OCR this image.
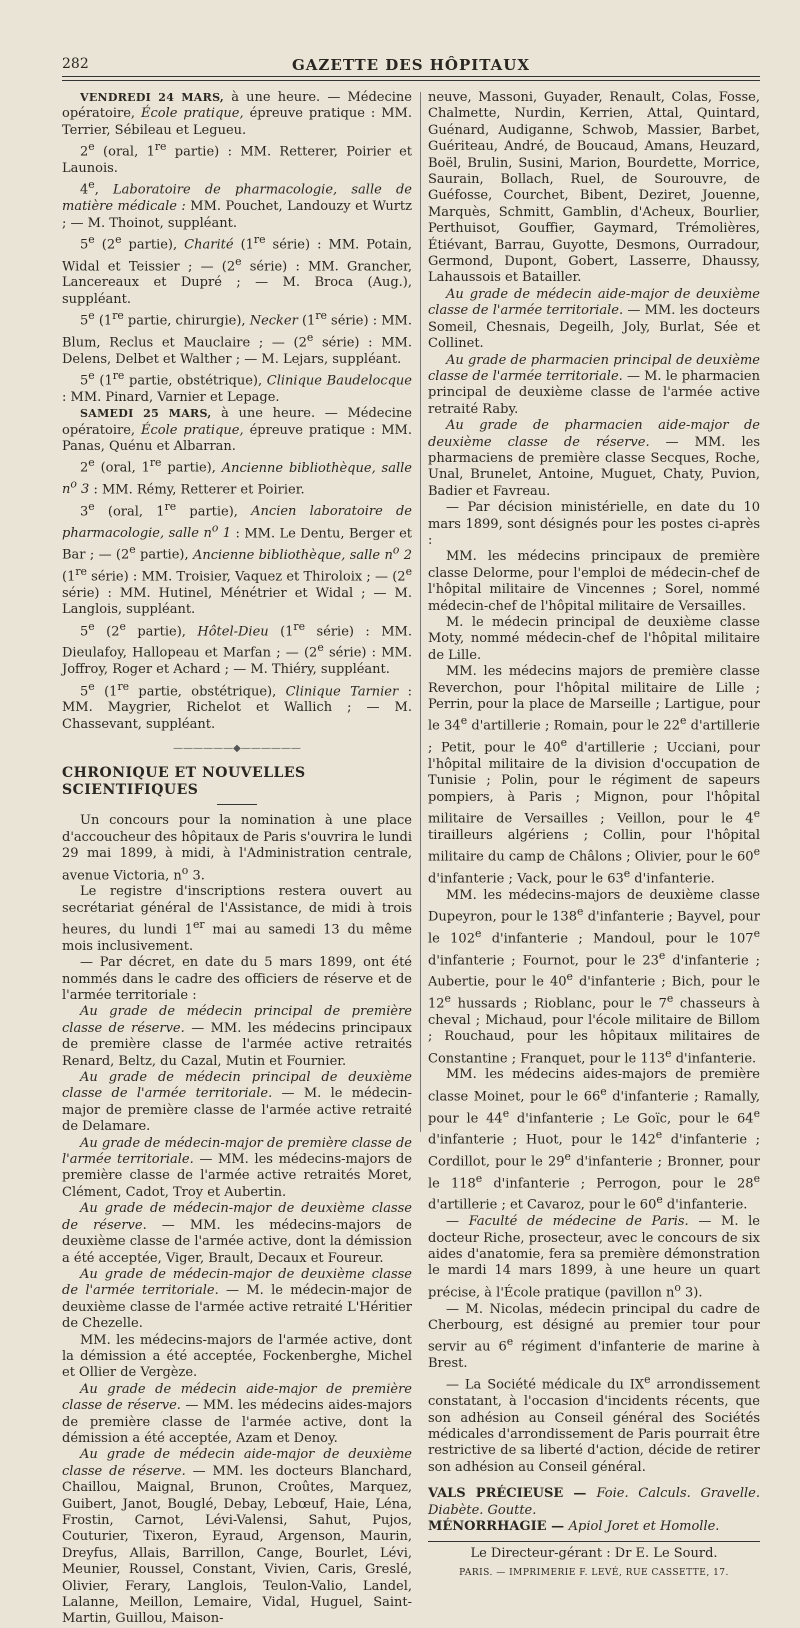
282	GAZETTE DES HÔPITAUX

VENDREDI 24 MARS, à une heure. — Médecine opératoire, École pratique, épreuve pratique : MM. Terrier, Sébileau et Legueu.

2e (oral, 1re partie) : MM. Retterer, Poirier et Launois.

4e, Laboratoire de pharmacologie, salle de matière médicale : MM. Pouchet, Landouzy et Wurtz ; — M. Thoinot, suppléant.

5e (2e partie), Charité (1re série) : MM. Potain, Widal et Teissier ; — (2e série) : MM. Grancher, Lancereaux et Dupré ; — M. Broca (Aug.), suppléant.

5e (1re partie, chirurgie), Necker (1re série) : MM. Blum, Reclus et Mauclaire ; — (2e série) : MM. Delens, Delbet et Walther ; — M. Lejars, suppléant.

5e (1re partie, obstétrique), Clinique Baudelocque : MM. Pinard, Varnier et Lepage.

SAMEDI 25 MARS, à une heure. — Médecine opératoire, École pratique, épreuve pratique : MM. Panas, Quénu et Albarran.

2e (oral, 1re partie), Ancienne bibliothèque, salle $n^o$ 3 : MM. Rémy, Retterer et Poirier.

3e (oral, 1re partie), Ancien laboratoire de pharmacologie, salle $n^o$ 1 : MM. Le Dentu, Berger et Bar ; — (2e partie), Ancienne bibliothèque, salle $n^o$ 2 (1re série) : MM. Troisier, Vaquez et Thiroloix ; — (2e série) : MM. Hutinel, Ménétrier et Widal ; — M. Langlois, suppléant.

5e (2e partie), Hôtel-Dieu (1re série) : MM. Dieulafoy, Hallopeau et Marfan ; — (2e série) : MM. Joffroy, Roger et Achard ; — M. Thiéry, suppléant.

5e (1re partie, obstétrique), Clinique Tarnier : MM. Maygrier, Richelot et Wallich ; — M. Chassevant, suppléant.

——————◆——————
CHRONIQUE ET NOUVELLES SCIENTIFIQUES

Un concours pour la nomination à une place d'accoucheur des hôpitaux de Paris s'ouvrira le lundi 29 mai 1899, à midi, à l'Administration centrale, avenue Victoria, $n^o$ 3.

Le registre d'inscriptions restera ouvert au secrétariat général de l'Assistance, de midi à trois heures, du lundi 1er mai au samedi 13 du même mois inclusivement.

— Par décret, en date du 5 mars 1899, ont été nommés dans le cadre des officiers de réserve et de l'armée territoriale :

Au grade de médecin principal de première classe de réserve. — MM. les médecins principaux de première classe de l'armée active retraités Renard, Beltz, du Cazal, Mutin et Fournier.

Au grade de médecin principal de deuxième classe de l'armée territoriale. — M. le médecin-major de première classe de l'armée active retraité de Delamare.

Au grade de médecin-major de première classe de l'armée territoriale. — MM. les médecins-majors de première classe de l'armée active retraités Moret, Clément, Cadot, Troy et Aubertin.

Au grade de médecin-major de deuxième classe de réserve. — MM. les médecins-majors de deuxième classe de l'armée active, dont la démission a été acceptée, Viger, Brault, Decaux et Foureur.

Au grade de médecin-major de deuxième classe de l'armée territoriale. — M. le médecin-major de deuxième classe de l'armée active retraité L'Héritier de Chezelle.

MM. les médecins-majors de l'armée active, dont la démission a été acceptée, Fockenberghe, Michel et Ollier de Vergèze.

Au grade de médecin aide-major de première classe de réserve. — MM. les médecins aides-majors de première classe de l'armée active, dont la démission a été acceptée, Azam et Denoy.

Au grade de médecin aide-major de deuxième classe de réserve. — MM. les docteurs Blanchard, Chaillou, Maignal, Brunon, Croûtes, Marquez, Guibert, Janot, Bouglé, Debay, Lebœuf, Haie, Léna, Frostin, Carnot, Lévi-Valensi, Sahut, Pujos, Couturier, Tixeron, Eyraud, Argenson, Maurin, Dreyfus, Allais, Barrillon, Cange, Bourlet, Lévi, Meunier, Roussel, Constant, Vivien, Caris, Greslé, Olivier, Ferary, Langlois, Teulon-Valio, Landel, Lalanne, Meillon, Lemaire, Vidal, Huguel, Saint-Martin, Guillou, Maison-

neuve, Massoni, Guyader, Renault, Colas, Fosse, Chalmette, Nurdin, Kerrien, Attal, Quintard, Guénard, Audiganne, Schwob, Massier, Barbet, Guériteau, André, de Boucaud, Amans, Heuzard, Boël, Brulin, Susini, Marion, Bourdette, Morrice, Saurain, Bollach, Ruel, de Sourouvre, de Guéfosse, Courchet, Bibent, Deziret, Jouenne, Marquès, Schmitt, Gamblin, d'Acheux, Bourlier, Perthuisot, Gouffier, Gaymard, Trémolières, Étiévant, Barrau, Guyotte, Desmons, Ourradour, Germond, Dupont, Gobert, Lasserre, Dhaussy, Lahaussois et Batailler.

Au grade de médecin aide-major de deuxième classe de l'armée territoriale. — MM. les docteurs Someil, Chesnais, Degeilh, Joly, Burlat, Sée et Collinet.

Au grade de pharmacien principal de deuxième classe de l'armée territoriale. — M. le pharmacien principal de deuxième classe de l'armée active retraité Raby.

Au grade de pharmacien aide-major de deuxième classe de réserve. — MM. les pharmaciens de première classe Secques, Roche, Unal, Brunelet, Antoine, Muguet, Chaty, Puvion, Badier et Favreau.

— Par décision ministérielle, en date du 10 mars 1899, sont désignés pour les postes ci-après :

MM. les médecins principaux de première classe Delorme, pour l'emploi de médecin-chef de l'hôpital militaire de Vincennes ; Sorel, nommé médecin-chef de l'hôpital militaire de Versailles.

M. le médecin principal de deuxième classe Moty, nommé médecin-chef de l'hôpital militaire de Lille.

MM. les médecins majors de première classe Reverchon, pour l'hôpital militaire de Lille ; Perrin, pour la place de Marseille ; Lartigue, pour le 34e d'artillerie ; Romain, pour le 22e d'artillerie ; Petit, pour le 40e d'artillerie ; Ucciani, pour l'hôpital militaire de la division d'occupation de Tunisie ; Polin, pour le régiment de sapeurs pompiers, à Paris ; Mignon, pour l'hôpital militaire de Versailles ; Veillon, pour le 4e tirailleurs algériens ; Collin, pour l'hôpital militaire du camp de Châlons ; Olivier, pour le 60e d'infanterie ; Vack, pour le 63e d'infanterie.

MM. les médecins-majors de deuxième classe Dupeyron, pour le 138e d'infanterie ; Bayvel, pour le 102e d'infanterie ; Mandoul, pour le 107e d'infanterie ; Fournot, pour le 23e d'infanterie ; Aubertie, pour le 40e d'infanterie ; Bich, pour le 12e hussards ; Rioblanc, pour le 7e chasseurs à cheval ; Michaud, pour l'école militaire de Billom ; Rouchaud, pour les hôpitaux militaires de Constantine ; Franquet, pour le 113e d'infanterie.

MM. les médecins aides-majors de première classe Moinet, pour le 66e d'infanterie ; Ramally, pour le 44e d'infanterie ; Le Goïc, pour le 64e d'infanterie ; Huot, pour le 142e d'infanterie ; Cordillot, pour le 29e d'infanterie ; Bronner, pour le 118e d'infanterie ; Perrogon, pour le 28e d'artillerie ; et Cavaroz, pour le 60e d'infanterie.

— Faculté de médecine de Paris. — M. le docteur Riche, prosecteur, avec le concours de six aides d'anatomie, fera sa première démonstration le mardi 14 mars 1899, à une heure un quart précise, à l'École pratique (pavillon $n^o$ 3).

— M. Nicolas, médecin principal du cadre de Cherbourg, est désigné au premier tour pour servir au 6e régiment d'infanterie de marine à Brest.

— La Société médicale du IXe arrondissement constatant, à l'occasion d'incidents récents, que son adhésion au Conseil général des Sociétés médicales d'arrondissement de Paris pourrait être restrictive de sa liberté d'action, décide de retirer son adhésion au Conseil général.

VALS PRÉCIEUSE — Foie. Calculs. Gravelle. Diabète. Goutte.
MÉNORRHAGIE — Apiol Joret et Homolle.
Le Directeur-gérant : Dr E. Le Sourd.
PARIS. — IMPRIMERIE F. LEVÉ, RUE CASSETTE, 17.
